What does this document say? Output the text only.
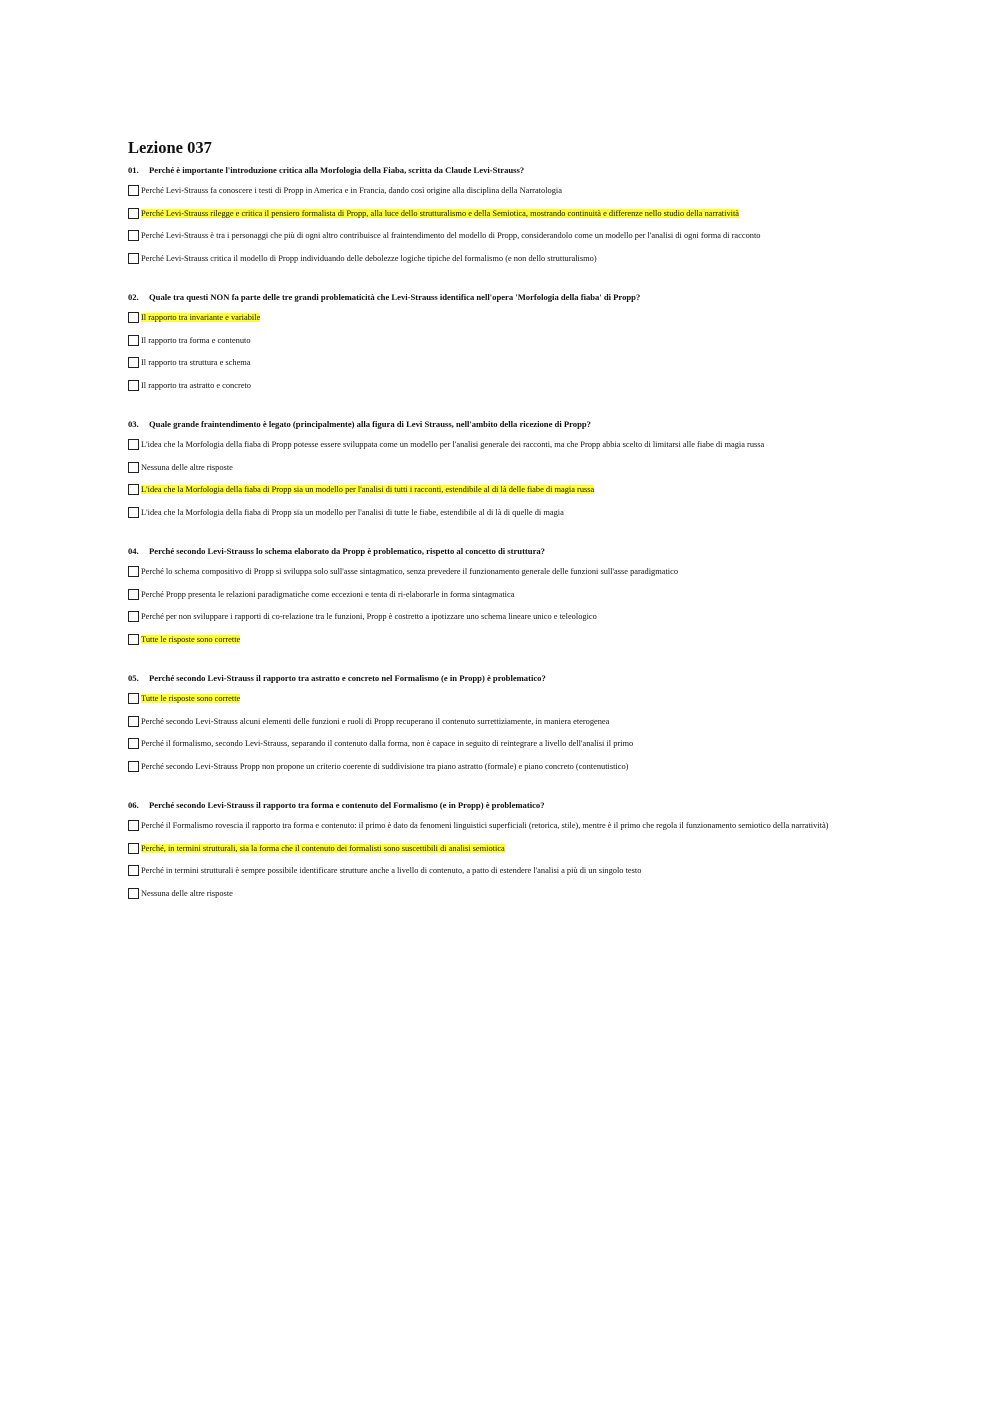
Lezione 037
01. Perché è importante l'introduzione critica alla Morfologia della Fiaba, scritta da Claude Levi-Strauss?
Perché Levi-Strauss fa conoscere i testi di Propp in America e in Francia, dando così origine alla disciplina della Narratologia
Perché Levi-Strauss rilegge e critica il pensiero formalista di Propp, alla luce dello strutturalismo e della Semiotica, mostrando continuità e differenze nello studio della narratività
Perché Levi-Strauss è tra i personaggi che più di ogni altro contribuisce al fraintendimento del modello di Propp, considerandolo come un modello per l'analisi di ogni forma di racconto
Perché Levi-Strauss critica il modello di Propp individuando delle debolezze logiche tipiche del formalismo (e non dello strutturalismo)
02. Quale tra questi NON fa parte delle tre grandi problematicità che Levi-Strauss identifica nell'opera 'Morfologia della fiaba' di Propp?
Il rapporto tra invariante e variabile
Il rapporto tra forma e contenuto
Il rapporto tra struttura e schema
Il rapporto tra astratto e concreto
03. Quale grande fraintendimento è legato (principalmente) alla figura di Levi Strauss, nell'ambito della ricezione di Propp?
L'idea che la Morfologia della fiaba di Propp potesse essere sviluppata come un modello per l'analisi generale dei racconti, ma che Propp abbia scelto di limitarsi alle fiabe di magia russa
Nessuna delle altre risposte
L'idea che la Morfologia della fiaba di Propp sia un modello per l'analisi di tutti i racconti, estendibile al di là delle fiabe di magia russa
L'idea che la Morfologia della fiaba di Propp sia un modello per l'analisi di tutte le fiabe, estendibile al di là di quelle di magia
04. Perché secondo Levi-Strauss lo schema elaborato da Propp è problematico, rispetto al concetto di struttura?
Perché lo schema compositivo di Propp si sviluppa solo sull'asse sintagmatico, senza prevedere il funzionamento generale delle funzioni sull'asse paradigmatico
Perché Propp presenta le relazioni paradigmatiche come eccezioni e tenta di ri-elaborarle in forma sintagmatica
Perché per non sviluppare i rapporti di co-relazione tra le funzioni, Propp è costretto a ipotizzare uno schema lineare unico e teleologico
Tutte le risposte sono corrette
05. Perché secondo Levi-Strauss il rapporto tra astratto e concreto nel Formalismo (e in Propp) è problematico?
Tutte le risposte sono corrette
Perché secondo Levi-Strauss alcuni elementi delle funzioni e ruoli di Propp recuperano il contenuto surrettiziamente, in maniera eterogenea
Perché il formalismo, secondo Levi-Strauss, separando il contenuto dalla forma, non è capace in seguito di reintegrare a livello dell'analisi il primo
Perché secondo Levi-Strauss Propp non propone un criterio coerente di suddivisione tra piano astratto (formale) e piano concreto (contenutistico)
06. Perché secondo Levi-Strauss il rapporto tra forma e contenuto del Formalismo (e in Propp) è problematico?
Perché il Formalismo rovescia il rapporto tra forma e contenuto: il primo è dato da fenomeni linguistici superficiali (retorica, stile), mentre è il primo che regola il funzionamento semiotico della narratività)
Perché, in termini strutturali, sia la forma che il contenuto dei formalisti sono suscettibili di analisi semiotica
Perché in termini strutturali è sempre possibile identificare strutture anche a livello di contenuto, a patto di estendere l'analisi a più di un singolo testo
Nessuna delle altre risposte
